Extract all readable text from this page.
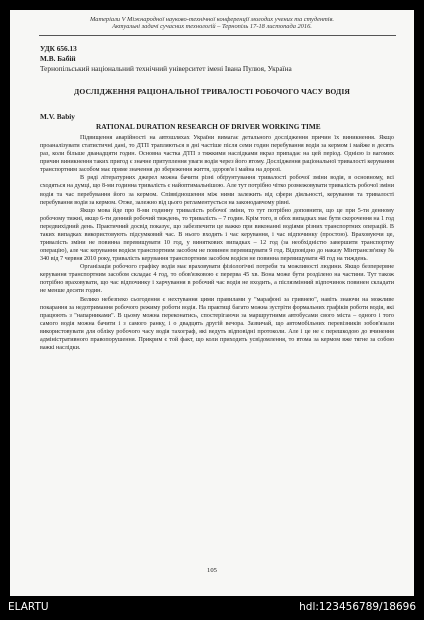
Матеріали V Міжнародної науково-технічної конференції молодих учених та студентів.
Актуальні задачі сучасних технологій – Тернопіль 17-18 листопада 2016.
УДК 656.13
М.В. Бабій
Тернопільський національний технічний університет імені Івана Пулюя, Україна
ДОСЛІДЖЕННЯ РАЦІОНАЛЬНОЇ ТРИВАЛОСТІ РОБОЧОГО ЧАСУ ВОДІЯ
M.V. Babiy
RATIONAL DURATION RESEARCH OF DRIVER WORKING TIME

Підвищення аварійності на автошляхах України вимагає детального дослідження причин їх виникнення. Якщо проаналізувати статистичні дані, то ДТП трапляються в дні частіше після семи годин перебування водія за кермом і майже в десять раз, коли більше дванадцяти годин. Основна частка ДТП з тяжкими наслідками вкраз припадає на цей період. Однією із вагомих причин виникнення таких пригод є значне притуплення уваги водія через його втому. Дослідження раціональної тривалості керування транспортним засобом має пряме значення до збереження життя, здоров'я і майна на дорозі.

В ряді літературних джерел можна бачити різні обґрунтування тривалості робочої зміни водія, в основному, всі сходяться на думці, що 8-ми годинна тривалість є найоптимальнішою. Але тут потрібно чітко розмежовувати тривалість робочої зміни водія та час перебування його за кермом. Співвідношення між ними залежить від сфери діяльності, керування та тривалості перебування водія за кермом. Отже, залежно від цього регламентується на законодавчому рівні.

Якщо мова йде про 8-ми годинну тривалість робочої зміни, то тут потрібно доповнити, що це при 5-ти денному робочому тижні, якщо 6-ти денний робочий тиждень, то тривалість – 7 годин. Крім того, в обох випадках має бути скорочення на 1 год передвихідний день. Практичний досвід показує, що забезпечити це важко при виконанні водіями різних транспортних операцій. В таких випадках використовують підсумковий час. В нього входять і час керування, і час відпочинку (простою). Враховуючи це, тривалість зміни не повинна перевищувати 10 год, у виняткових випадках – 12 год (за необхідністю завершити транспортну операцію), але час керування водієм транспортним засобом не повинен перевищувати 9 год. Відповідно до наказу Мінтрансзв'язку № 340 від 7 червня 2010 року, тривалість керування транспортним засобом водієм не повинна перевищувати 48 год на тиждень.

Організація робочого графіку водія має враховувати фізіологічні потреби та можливості людини. Якщо безперервне керування транспортним засобом складає 4 год, то обов'язковою є перерва 45 хв. Вона може бути розділено на частини. Тут також потрібно враховувати, що час відпочинку і харчування в робочий час водія не входить, а післязмінний відпочинок повинен складати не менше десяти годин.

Велико небезпеко сьогодення є нехтування цими правилами у "марафоні за гривнею", навіть знаючи на можливе покарання за недотримання робочого режиму роботи водія. На практиці багато можна зустріти формальних графіків роботи водія, які працюють з "напарниками". В цьому можна переконатись, спостерігаючи за маршрутними автобусами свого міста – одного і того самого водія можна бачити і з самого ранку, і о двадцять другій вечора. Зазвичай, що автомобільних перевізників зобов'язали використовувати для обліку робочого часу водія тахограф, які ведуть відповідні протоколи. Але і це не є перешкодою до вчинення адміністративного правопорушення. Прикрим є той факт, що коли приходить усвідомлення, то втома за кермом вже тягне за собою важкі наслідки.

105
ELARTU	hdl:123456789/18696
